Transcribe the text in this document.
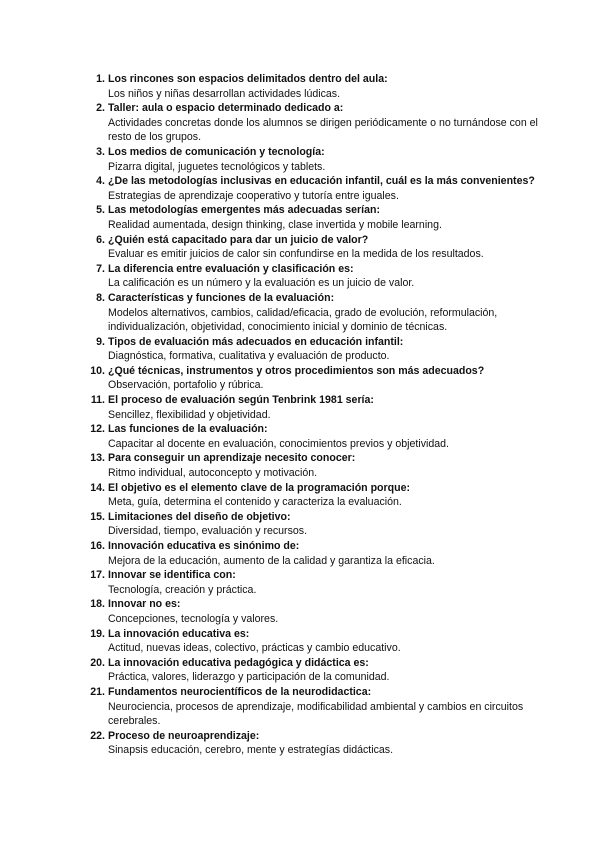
1. Los rincones son espacios delimitados dentro del aula:
Los niños y niñas desarrollan actividades lúdicas.
2. Taller: aula o espacio determinado dedicado a:
Actividades concretas donde los alumnos se dirigen periódicamente o no turnándose con el resto de los grupos.
3. Los medios de comunicación y tecnología:
Pizarra digital, juguetes tecnológicos y tablets.
4. ¿De las metodologías inclusivas en educación infantil, cuál es la más convenientes?
Estrategias de aprendizaje cooperativo y tutoría entre iguales.
5. Las metodologías emergentes más adecuadas serían:
Realidad aumentada, design thinking, clase invertida y mobile learning.
6. ¿Quién está capacitado para dar un juicio de valor?
Evaluar es emitir juicios de calor sin confundirse en la medida de los resultados.
7. La diferencia entre evaluación y clasificación es:
La calificación es un número y la evaluación es un juicio de valor.
8. Características y funciones de la evaluación:
Modelos alternativos, cambios, calidad/eficacia, grado de evolución, reformulación, individualización, objetividad, conocimiento inicial y dominio de técnicas.
9. Tipos de evaluación más adecuados en educación infantil:
Diagnóstica, formativa, cualitativa y evaluación de producto.
10. ¿Qué técnicas, instrumentos y otros procedimientos son más adecuados?
Observación, portafolio y rúbrica.
11. El proceso de evaluación según Tenbrink 1981 sería:
Sencillez, flexibilidad y objetividad.
12. Las funciones de la evaluación:
Capacitar al docente en evaluación, conocimientos previos y objetividad.
13. Para conseguir un aprendizaje necesito conocer:
Ritmo individual, autoconcepto y motivación.
14. El objetivo es el elemento clave de la programación porque:
Meta, guía, determina el contenido y caracteriza la evaluación.
15. Limitaciones del diseño de objetivo:
Diversidad, tiempo, evaluación y recursos.
16. Innovación educativa es sinónimo de:
Mejora de la educación, aumento de la calidad y garantiza la eficacia.
17. Innovar se identifica con:
Tecnología, creación y práctica.
18. Innovar no es:
Concepciones, tecnología y valores.
19. La innovación educativa es:
Actitud, nuevas ideas, colectivo, prácticas y cambio educativo.
20. La innovación educativa pedagógica y didáctica es:
Práctica, valores, liderazgo y participación de la comunidad.
21. Fundamentos neurocientíficos de la neurodidactica:
Neurociencia, procesos de aprendizaje, modificabilidad ambiental y cambios en circuitos cerebrales.
22. Proceso de neuroaprendizaje:
Sinapsis educación, cerebro, mente y estrategías didácticas.
